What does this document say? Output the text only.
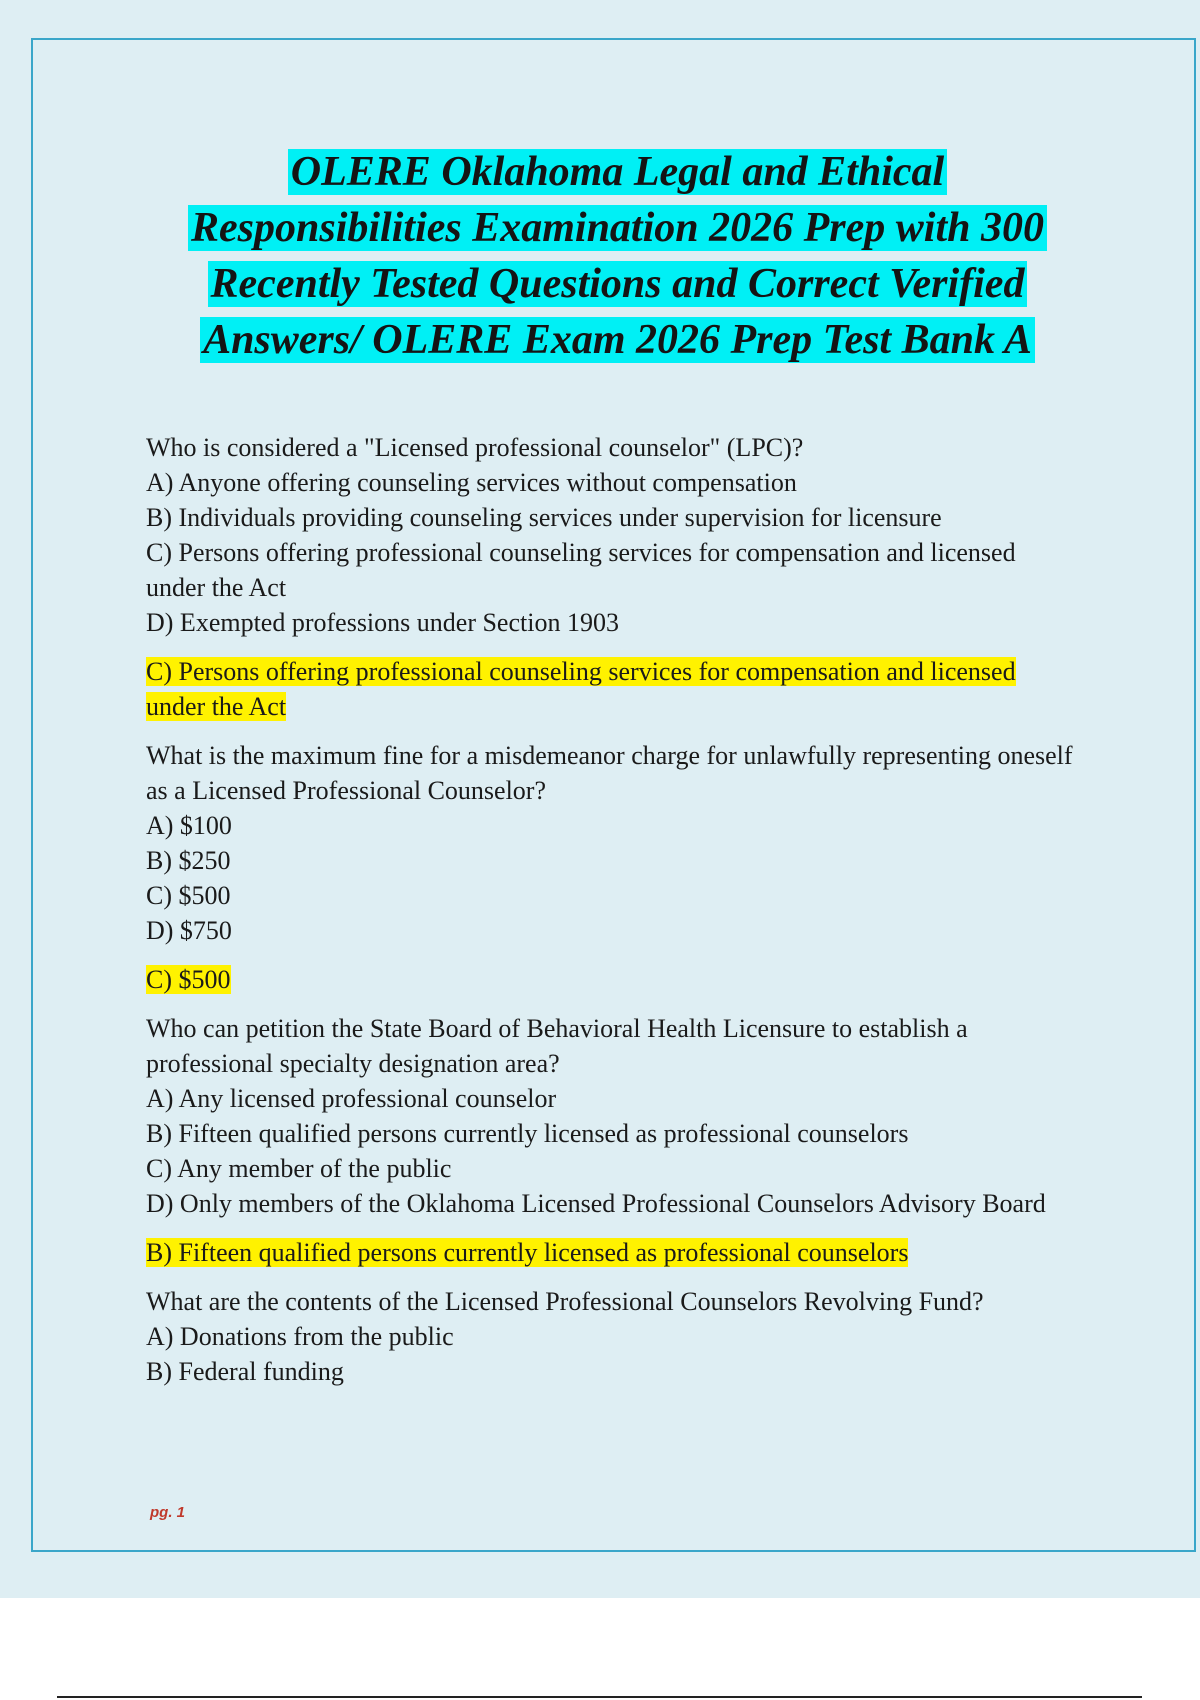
OLERE Oklahoma Legal and Ethical
Responsibilities Examination 2026 Prep with 300
Recently Tested Questions and Correct Verified
Answers/ OLERE Exam 2026 Prep Test Bank A
Who is considered a "Licensed professional counselor" (LPC)?
A) Anyone offering counseling services without compensation
B) Individuals providing counseling services under supervision for licensure
C) Persons offering professional counseling services for compensation and licensed under the Act
D) Exempted professions under Section 1903
C) Persons offering professional counseling services for compensation and licensed under the Act
What is the maximum fine for a misdemeanor charge for unlawfully representing oneself as a Licensed Professional Counselor?
A) $100
B) $250
C) $500
D) $750
C) $500
Who can petition the State Board of Behavioral Health Licensure to establish a professional specialty designation area?
A) Any licensed professional counselor
B) Fifteen qualified persons currently licensed as professional counselors
C) Any member of the public
D) Only members of the Oklahoma Licensed Professional Counselors Advisory Board
B) Fifteen qualified persons currently licensed as professional counselors
What are the contents of the Licensed Professional Counselors Revolving Fund?
A) Donations from the public
B) Federal funding
pg. 1
